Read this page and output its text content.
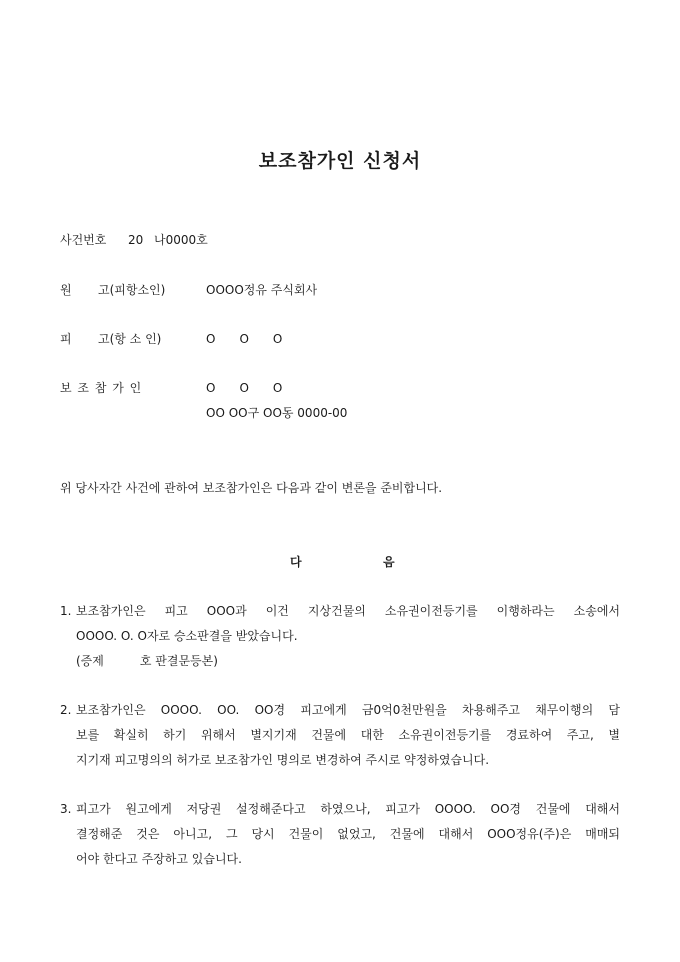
보조참가인 신청서
사건번호 20 나0000호
원 고(피항소인)	OOOO정유 주식회사
피 고(항 소 인)	O　　O　　O
보 조 참 가 인	O　　O　　O
OO OO구 OO동 0000-00
위 당사자간 사건에 관하여 보조참가인은 다음과 같이 변론을 준비합니다.
다	음
1. 보조참가인은 피고 OOO과 이건 지상건물의 소유권이전등기를 이행하라는 소송에서
OOOO. O. O자로 승소판결을 받았습니다.
(증제　　　호 판결문등본)
2. 보조참가인은 OOOO. OO. OO경 피고에게 금0억0천만원을 차용해주고 채무이행의 담
보를 확실히 하기 위해서 별지기재 건물에 대한 소유권이전등기를 경료하여 주고, 별
지기재 피고명의의 허가로 보조참가인 명의로 변경하여 주시로 약정하였습니다.
3. 피고가 원고에게 저당권 설정해준다고 하였으나, 피고가 OOOO. OO경 건물에 대해서
결정해준 것은 아니고, 그 당시 건물이 없었고, 건물에 대해서 OOO정유(주)은 매매되
어야 한다고 주장하고 있습니다.
